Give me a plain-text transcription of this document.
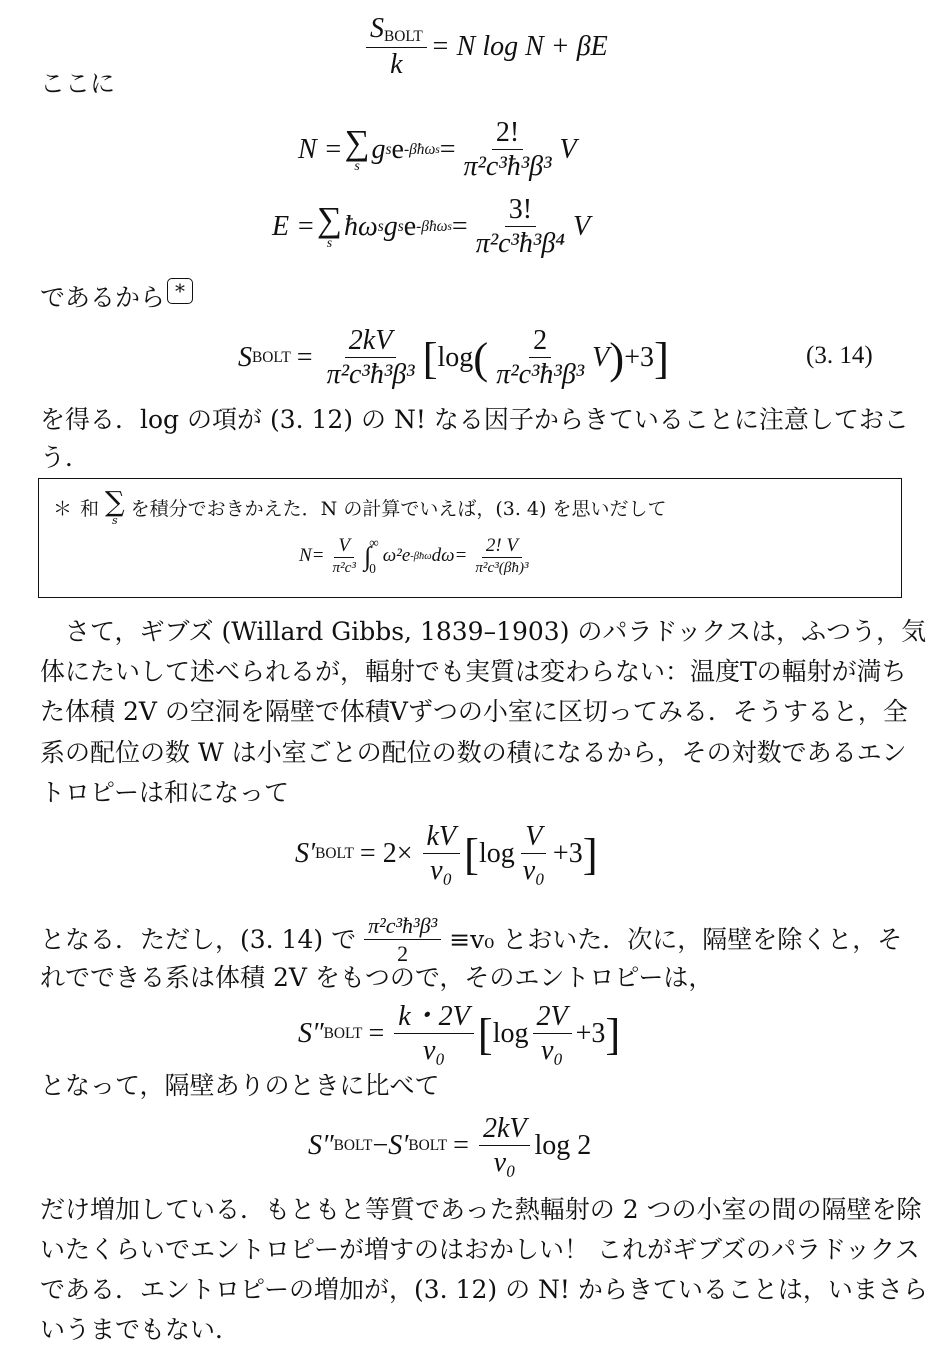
$\frac{S_{BOLT}}{k} = N$ log N + βE
ここに
N = ∑
s
g s e -βħω $s = \frac{2!}{\text{π²c³ħ³β³}}$ V
E = ∑
s
ħω s g s e -βħω $s = \frac{3!}{\text{π²c³ħ³β⁴}}$ V
であるから *
S BOLT = $\frac{2kV}{\text{π²c³ħ³β³}}$ [ log ( $\frac{2}{\text{π²c³ħ³β³}}$ V ) +3 ]	(3. 14)
を得る．log の項が (3. 12) の N! なる因子からきていることに注意しておこ
う．
＊ 和 ∑
s
を積分でおきかえた．N の計算でいえば，(3. 4) を思いだして
$N= \frac{V}{\text{π²c³}}$ ∫
∞
0
ω²e -βħω $d\omega= \frac{2! V}{\text{π²c³(βħ)³}}$
　さて，ギブズ (Willard Gibbs, 1839–1903) のパラドックスは，ふつう，気
体にたいして述べられるが，輻射でも実質は変わらない：温度Tの輻射が満ち
た体積 2V の空洞を隔壁で体積Vずつの小室に区切ってみる．そうすると，全
系の配位の数 W は小室ごとの配位の数の積になるから，その対数であるエン
トロピーは和になって
S′ BOLT = $2\times \frac{kV}{\text{v₀}}$ [ $\log \frac{V}{\text{v₀}} +3$ ]
となる．ただし，(3. 14) で $\frac{\text{π²c³ħ³β³}}{2} \equiv v_0$ とおいた．次に，隔壁を除くと，そ
れでできる系は体積 2V をもつので，そのエントロピーは，
S″ BOLT = $\frac{k・2V}{\text{v₀}}$ [ $\log \frac{2V}{\text{v₀}} +3$ ]
となって，隔壁ありのときに比べて
S″ BOLT − S′ BOLT = $\frac{2kV}{\text{v₀}}$ log 2
だけ増加している．もともと等質であった熱輻射の 2 つの小室の間の隔壁を除
いたくらいでエントロピーが増すのはおかしい！ これがギブズのパラドックス
である．エントロピーの増加が，(3. 12) の N! からきていることは，いまさら
いうまでもない．
